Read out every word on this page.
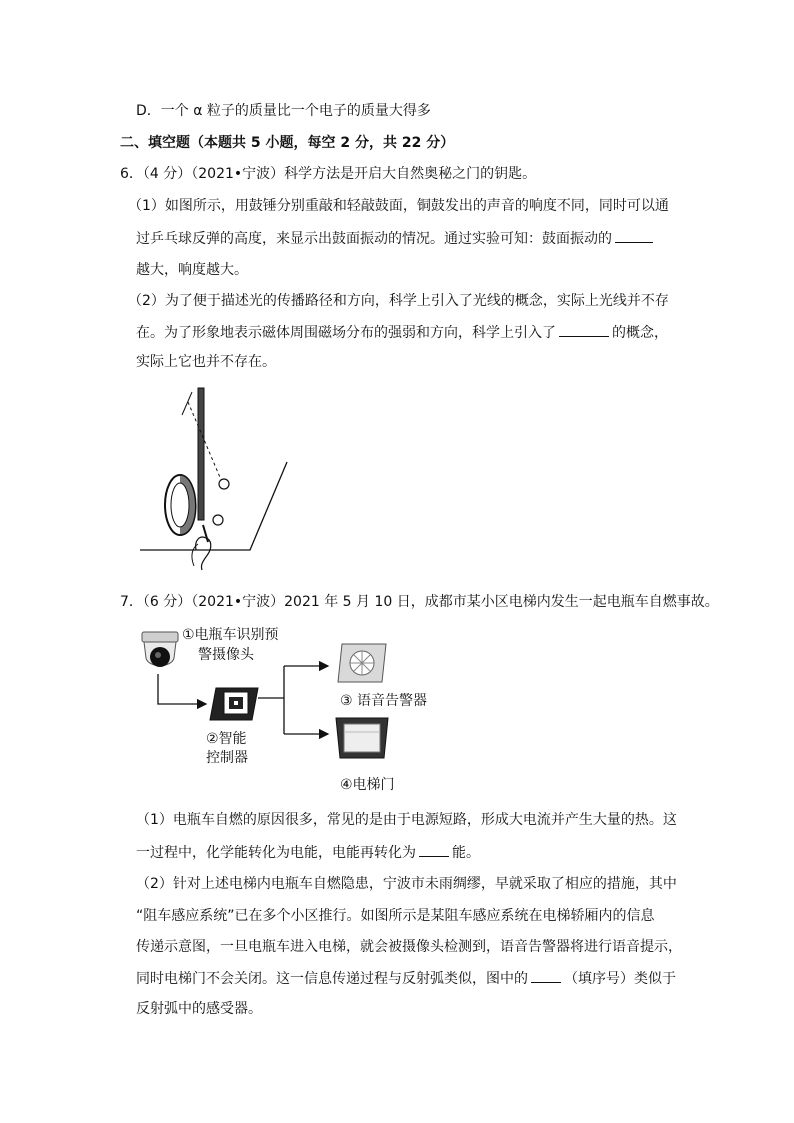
D．一个 α 粒子的质量比一个电子的质量大得多
二、填空题（本题共 5 小题，每空 2 分，共 22 分）
6．（4 分）（2021•宁波）科学方法是开启大自然奥秘之门的钥匙。
（1）如图所示，用鼓锤分别重敲和轻敲鼓面，铜鼓发出的声音的响度不同，同时可以通
过乒乓球反弹的高度，来显示出鼓面振动的情况。通过实验可知：鼓面振动的
越大，响度越大。
（2）为了便于描述光的传播路径和方向，科学上引入了光线的概念，实际上光线并不存
在。为了形象地表示磁体周围磁场分布的强弱和方向，科学上引入了	的概念，
实际上它也并不存在。
7．（6 分）（2021•宁波）2021 年 5 月 10 日，成都市某小区电梯内发生一起电瓶车自燃事故。
①电瓶车识别预
警摄像头
②智能
控制器
③ 语音告警器
④电梯门
（1）电瓶车自燃的原因很多，常见的是由于电源短路，形成大电流并产生大量的热。这
一过程中，化学能转化为电能，电能再转化为	能。
（2）针对上述电梯内电瓶车自燃隐患，宁波市未雨绸缪，早就采取了相应的措施，其中
“阻车感应系统”已在多个小区推行。如图所示是某阻车感应系统在电梯轿厢内的信息
传递示意图，一旦电瓶车进入电梯，就会被摄像头检测到，语音告警器将进行语音提示，
同时电梯门不会关闭。这一信息传递过程与反射弧类似，图中的	（填序号）类似于
反射弧中的感受器。
